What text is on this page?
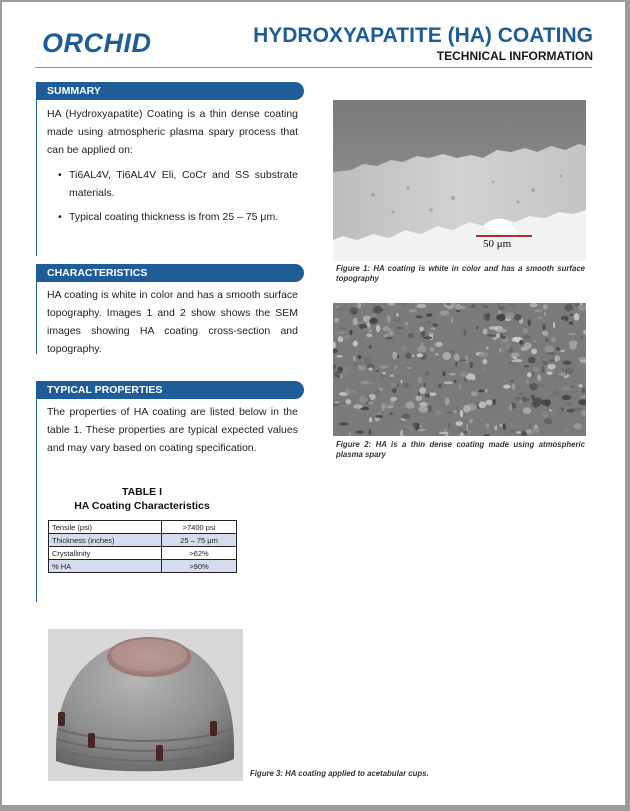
ORCHID	HYDROXYAPATITE (HA) COATING
TECHNICAL INFORMATION
SUMMARY
HA (Hydroxyapatite) Coating is a thin dense coating made using atmospheric plasma spary process that can be applied on:
• Ti6AL4V, Ti6AL4V Eli, CoCr and SS substrate materials.
• Typical coating thickness is from 25 – 75 μm.
CHARACTERISTICS
HA coating is white in color and has a smooth surface topography. Images 1 and 2 show shows the SEM images showing HA coating cross-section and topography.
TYPICAL PROPERTIES
The properties of HA coating are listed below in the table 1. These properties are typical expected values and may vary based on coating specification.
TABLE I
HA Coating Characteristics
Tensile (psi)	>7400 psi
Thickness (inches)	25 – 75 μm
Crystallinity	>62%
% HA	>90%
50 μm
Figure 1: HA coating is white in color and has a smooth surface topography
Figure 2: HA is a thin dense coating made using atmospheric plasma spary
Figure 3: HA coating applied to acetabular cups.
